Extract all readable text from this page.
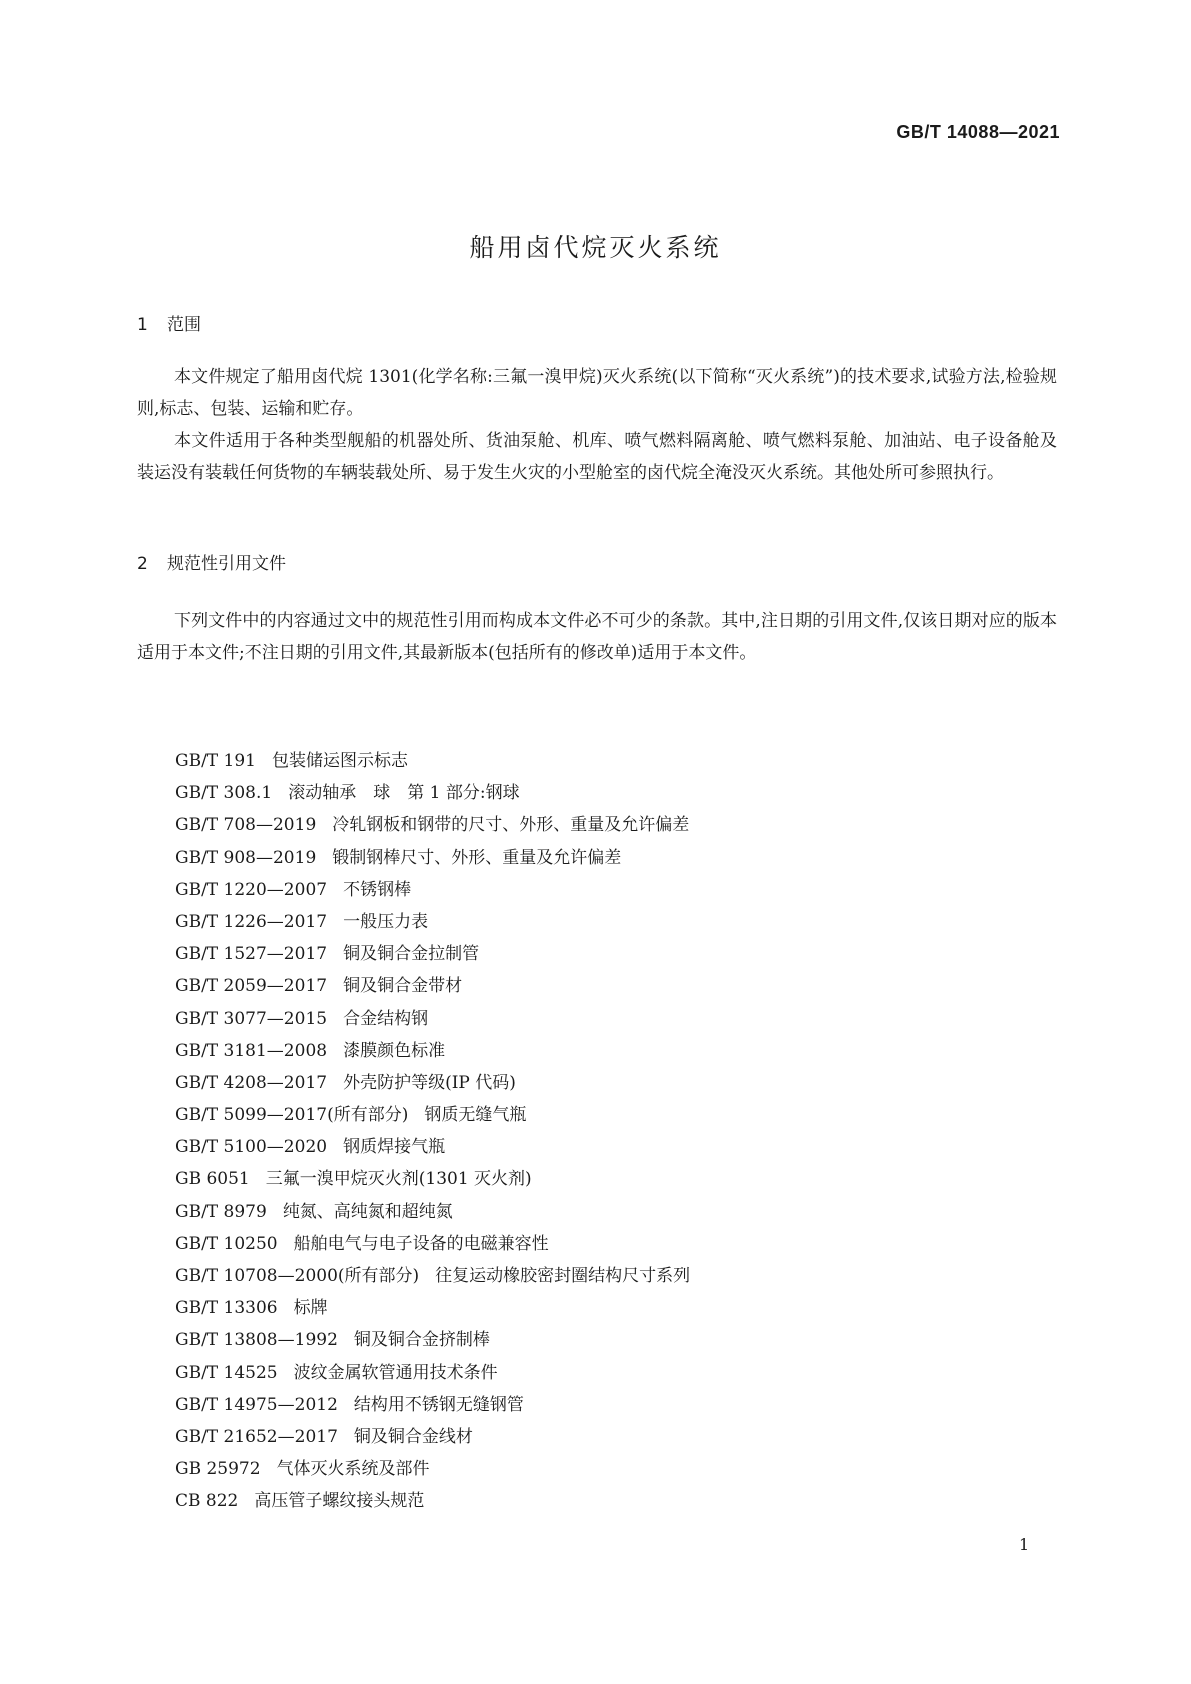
GB/T 14088—2021
船用卤代烷灭火系统
1 范围

本文件规定了船用卤代烷 1301(化学名称:三氟一溴甲烷)灭火系统(以下简称“灭火系统”)的技术要求,试验方法,检验规则,标志、包装、运输和贮存。

本文件适用于各种类型舰船的机器处所、货油泵舱、机库、喷气燃料隔离舱、喷气燃料泵舱、加油站、电子设备舱及装运没有装载任何货物的车辆装载处所、易于发生火灾的小型舱室的卤代烷全淹没灭火系统。其他处所可参照执行。

2 规范性引用文件

下列文件中的内容通过文中的规范性引用而构成本文件必不可少的条款。其中,注日期的引用文件,仅该日期对应的版本适用于本文件;不注日期的引用文件,其最新版本(包括所有的修改单)适用于本文件。

GB/T 191 包装储运图示标志
GB/T 308.1 滚动轴承　球　第 1 部分:钢球
GB/T 708—2019 冷轧钢板和钢带的尺寸、外形、重量及允许偏差
GB/T 908—2019 锻制钢棒尺寸、外形、重量及允许偏差
GB/T 1220—2007 不锈钢棒
GB/T 1226—2017 一般压力表
GB/T 1527—2017 铜及铜合金拉制管
GB/T 2059—2017 铜及铜合金带材
GB/T 3077—2015 合金结构钢
GB/T 3181—2008 漆膜颜色标准
GB/T 4208—2017 外壳防护等级(IP 代码)
GB/T 5099—2017(所有部分) 钢质无缝气瓶
GB/T 5100—2020 钢质焊接气瓶
GB 6051 三氟一溴甲烷灭火剂(1301 灭火剂)
GB/T 8979 纯氮、高纯氮和超纯氮
GB/T 10250 船舶电气与电子设备的电磁兼容性
GB/T 10708—2000(所有部分) 往复运动橡胶密封圈结构尺寸系列
GB/T 13306 标牌
GB/T 13808—1992 铜及铜合金挤制棒
GB/T 14525 波纹金属软管通用技术条件
GB/T 14975—2012 结构用不锈钢无缝钢管
GB/T 21652—2017 铜及铜合金线材
GB 25972 气体灭火系统及部件
CB 822 高压管子螺纹接头规范
1
